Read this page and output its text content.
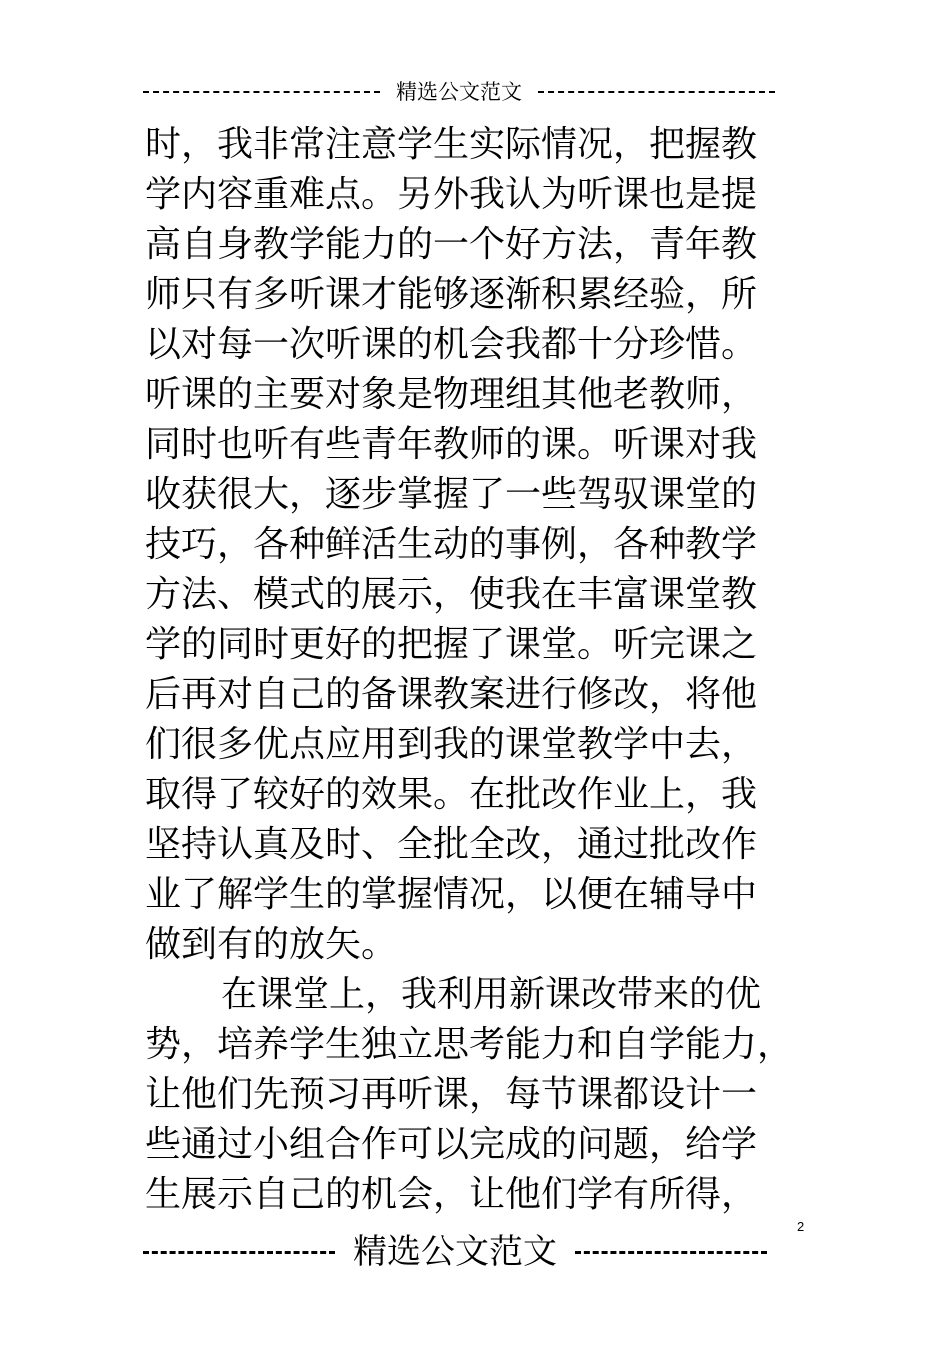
精选公文范文
时，我非常注意学生实际情况，把握教
学内容重难点。另外我认为听课也是提
高自身教学能力的一个好方法，青年教
师只有多听课才能够逐渐积累经验，所
以对每一次听课的机会我都十分珍惜。
听课的主要对象是物理组其他老教师，
同时也听有些青年教师的课。听课对我
收获很大，逐步掌握了一些驾驭课堂的
技巧，各种鲜活生动的事例，各种教学
方法、模式的展示，使我在丰富课堂教
学的同时更好的把握了课堂。听完课之
后再对自己的备课教案进行修改，将他
们很多优点应用到我的课堂教学中去，
取得了较好的效果。在批改作业上，我
坚持认真及时、全批全改，通过批改作
业了解学生的掌握情况，以便在辅导中
做到有的放矢。
在课堂上，我利用新课改带来的优
势，培养学生独立思考能力和自学能力，
让他们先预习再听课，每节课都设计一
些通过小组合作可以完成的问题，给学
生展示自己的机会，让他们学有所得，
2
精选公文范文
